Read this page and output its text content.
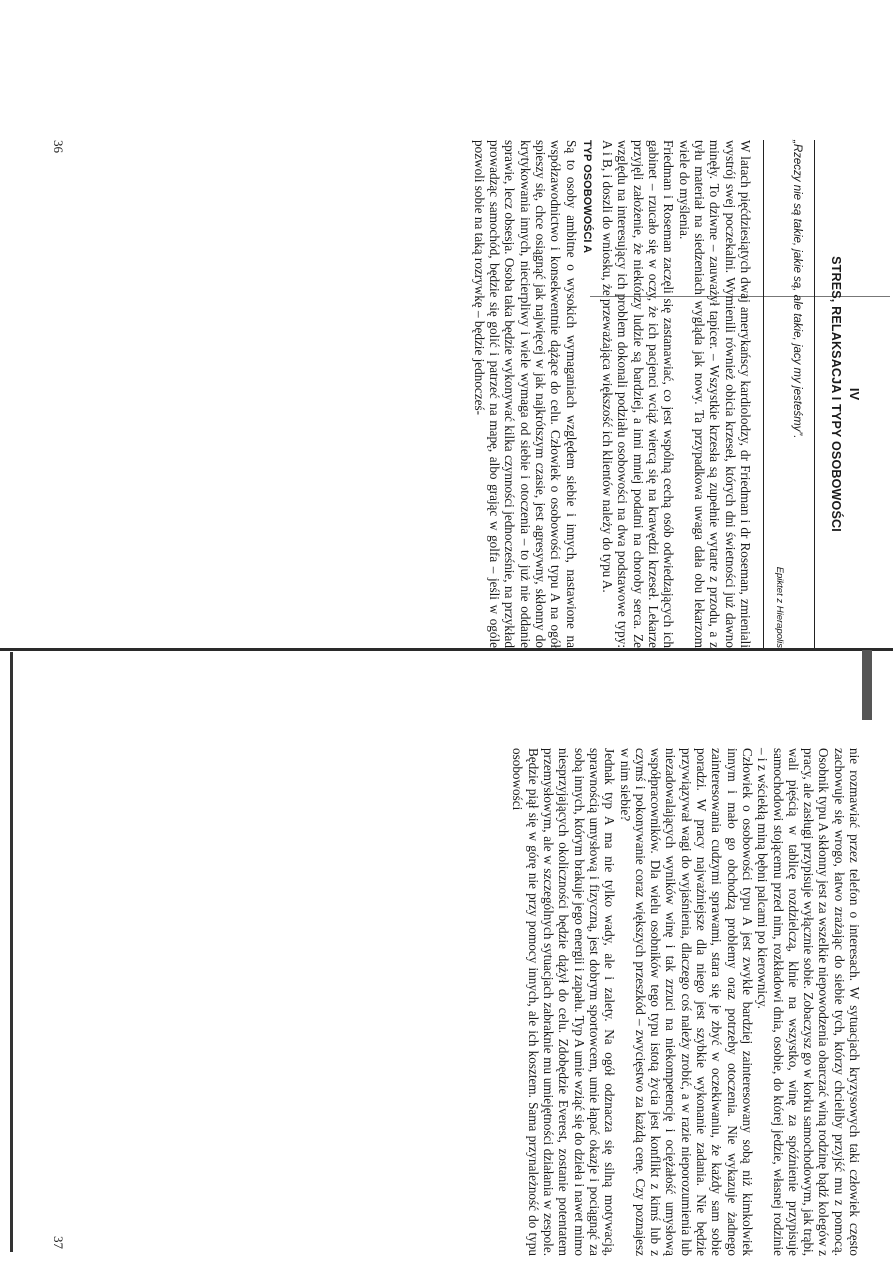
IV
STRES, RELAKSACJA I TYPY OSOBOWOŚCI
„Rzeczy nie są takie, jakie są, ale takie, jacy my jesteśmy”.
Epiktet z Hierapolis

W latach pięćdziesiątych dwaj amerykańscy kardiolodzy, dr Friedman i dr Roseman, zmieniali wystrój swej poczekalni. Wymienili również obicia krzeseł, których dni świetności już dawno minęły. To dziwne – zauważył tapicer. – Wszystkie krzesła są zupełnie wytarte z przodu, a z tyłu materiał na siedzeniach wygląda jak nowy. Ta przypadkowa uwaga dała obu lekarzom wiele do myślenia.

Friedman i Roseman zaczęli się zastanawiać, co jest wspólną cechą osób odwiedzających ich gabinet – rzucało się w oczy, że ich pacjenci wciąż wiercą się na krawędzi krzeseł. Lekarze przyjęli założenie, że niektórzy ludzie są bardziej, a inni mniej podatni na choroby serca. Ze względu na interesujący ich problem dokonali podziału osobowości na dwa podstawowe typy: A i B, i doszli do wniosku, że przeważająca większość ich klientów należy do typu A.

TYP OSOBOWOŚCI A

Są to osoby ambitne o wysokich wymaganiach względem siebie i innych, nastawione na współzawodnictwo i konsekwentnie dążące do celu. Człowiek o osobowości typu A na ogół spieszy się, chce osiągnąć jak najwięcej w jak najkrótszym czasie, jest agresywny, skłonny do krytykowania innych, niecierpliwy i wiele wymaga od siebie i otoczenia – to już nie oddanie sprawie, lecz obsesja. Osoba taka będzie wykonywać kilka czynności jednocześnie, na przykład prowadząc samochód, będzie się golić i patrzeć na mapę, albo grając w golfa – jeśli w ogóle pozwoli sobie na taką rozrywkę – będzie jednocześ-

36

nie rozmawiać przez telefon o interesach. W sytuacjach kryzysowych taki człowiek często zachowuje się wrogo, łatwo zrażając do siebie tych, którzy chcieliby przyjść mu z pomocą. Osobnik typu A skłonny jest za wszelkie niepowodzenia obarczać winą rodzinę bądź kolegów z pracy, ale zasługi przypisuje wyłącznie sobie. Zobaczysz go w korku samochodowym, jak trąbi, wali pięścią w tablicę rozdzielczą, klnie na wszystko, winę za spóźnienie przypisuje samochodowi stojącemu przed nim, rozkładowi dnia, osobie, do której jedzie, własnej rodzinie – i z wściekłą miną bębni palcami po kierownicy.

Człowiek o osobowości typu A jest zwykle bardziej zainteresowany sobą niż kimkolwiek innym i mało go obchodzą problemy oraz potrzeby otoczenia. Nie wykazuje żadnego zainteresowania cudzymi sprawami, stara się je zbyć w oczekiwaniu, że każdy sam sobie poradzi. W pracy najważniejsze dla niego jest szybkie wykonanie zadania. Nie będzie przywiązywał wagi do wyjaśnienia, dlaczego coś należy zrobić, a w razie nieporozumienia lub niezadowalających wyników winę i tak zrzuci na niekompetencję i ociężałość umysłową współpracowników. Dla wielu osobników tego typu istotą życia jest konflikt z kimś lub z czymś i pokonywanie coraz większych przeszkód – zwycięstwo za każdą cenę. Czy poznajesz w nim siebie?

Jednak typ A ma nie tylko wady, ale i zalety. Na ogół odznacza się silną motywacją, sprawnością umysłową i fizyczną, jest dobrym sportowcem, umie łapać okazje i pociągnąć za sobą innych, którym brakuje jego energii i zapału. Typ A umie wziąć się do dzieła i nawet mimo niesprzyjających okoliczności będzie dążył do celu. Zdobędzie Everest, zostanie potentatem przemysłowym, ale w szczególnych sytuacjach zabraknie mu umiejętności działania w zespole. Będzie piął się w górę nie przy pomocy innych, ale ich kosztem. Sama przynależność do typu osobowości

37
